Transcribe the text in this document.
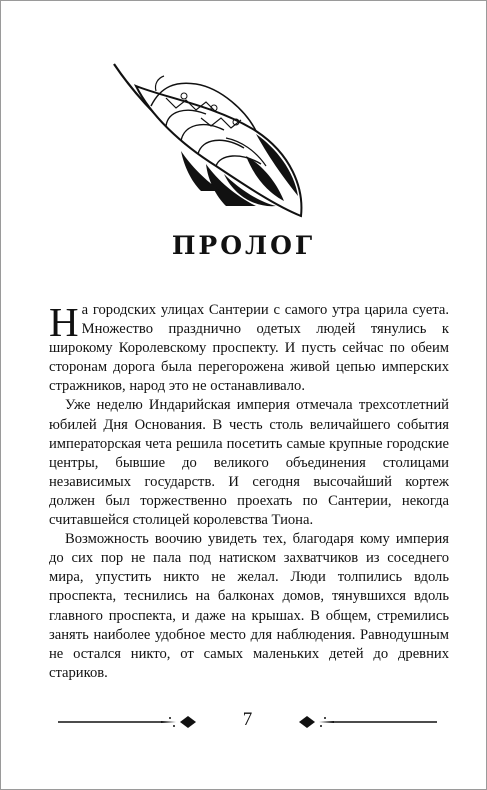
ПРОЛОГ

На городских улицах Сантерии с самого утра царила суета. Множество празднично одетых людей тянулись к широкому Королевскому проспекту. И пусть сейчас по обеим сторонам дорога была перегорожена живой цепью имперских стражников, народ это не останавливало.

Уже неделю Индарийская империя отмечала трехсотлетний юбилей Дня Основания. В честь столь величайшего события императорская чета решила посетить самые крупные городские центры, бывшие до великого объединения столицами независимых государств. И сегодня высочайший кортеж должен был торжественно проехать по Сантерии, некогда считавшейся столицей королевства Тиона.

Возможность воочию увидеть тех, благодаря кому империя до сих пор не пала под натиском захватчиков из соседнего мира, упустить никто не желал. Люди толпились вдоль проспекта, теснились на балконах домов, тянувшихся вдоль главного проспекта, и даже на крышах. В общем, стремились занять наиболее удобное место для наблюдения. Равнодушным не остался никто, от самых маленьких детей до древних стариков.

7
